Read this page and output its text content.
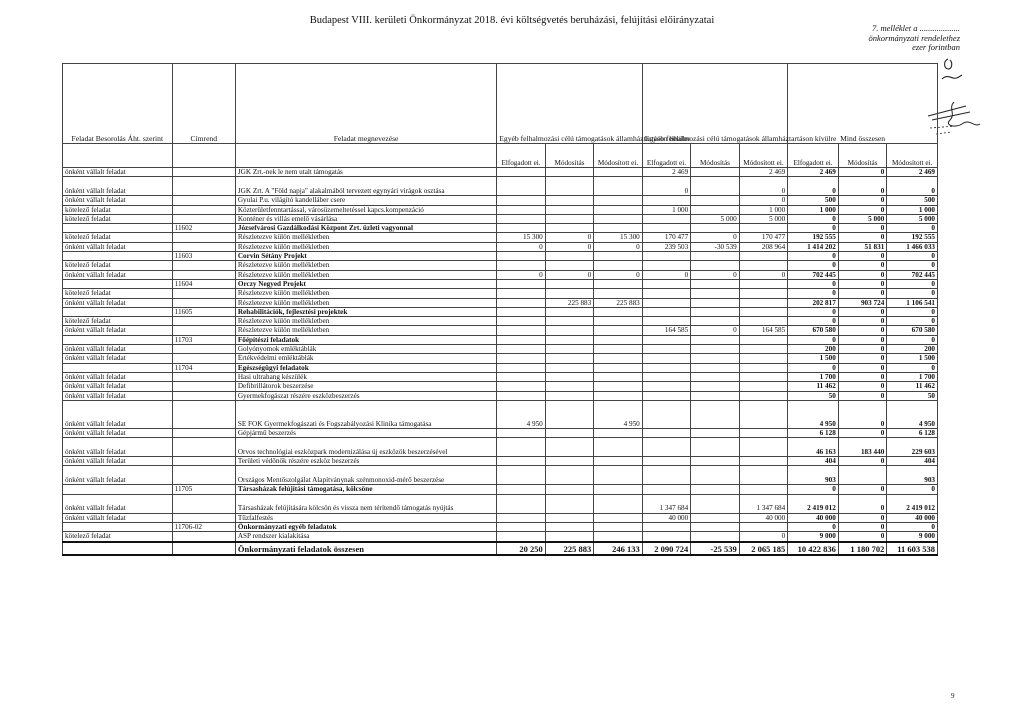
Budapest VIII. kerületi Önkormányzat 2018. évi költségvetés beruházási, felújítási előirányzatai
7. melléklet a ...................
önkormányzati rendelethez
ezer forintban
Feladat Besorolás Áht. szerint	Címrend	Feladat megnevezése	Egyéb felhalmozási célú támogatások államháztartáson belülre			Egyéb felhalmozási célú támogatások államháztartáson kívülre			Mind összesen		
			Elfogadott ei.	Módosítás	Módosított ei.	Elfogadott ei.	Módosítás	Módosított ei.	Elfogadott ei.	Módosítás	Módosított ei.
önként vállalt feladat		JGK Zrt.-nek le nem utalt támogatás				2 469		2 469	2 469	0	2 469
önként vállalt feladat		JGK Zrt. A "Föld napja" alakalmából tervezett egynyári virágok osztása				0		0	0	0	0
önként vállalt feladat		Gyulai P.u. világító kandelláber csere						0	500	0	500
kötelező feladat		Közterületfenntartással, városüzemeltetéssel kapcs.kompenzáció				1 000		1 000	1 000	0	1 000
kötelező feladat		Konténer és villás emelő vásárlása					5 000	5 000	0	5 000	5 000
	11602	Józsefvárosi Gazdálkodási Központ Zrt. üzleti vagyonnal							0	0	0
kötelező feladat		Részletezve külön mellékletben	15 300	0	15 300	170 477	0	170 477	192 555	0	192 555
önként vállalt feladat		Részletezve külön mellékletben	0	0	0	239 503	-30 539	208 964	1 414 202	51 831	1 466 033
	11603	Corvin Sétány Projekt							0	0	0
kötelező feladat		Részletezve külön mellékletben							0	0	0
önként vállalt feladat		Részletezve külön mellékletben	0	0	0	0	0	0	702 445	0	702 445
	11604	Orczy Negyed Projekt							0	0	0
kötelező feladat		Részletezve külön mellékletben							0	0	0
önként vállalt feladat		Részletezve külön mellékletben		225 883	225 883				202 817	903 724	1 106 541
	11605	Rehabilitációk, fejlesztési projektek							0	0	0
kötelező feladat		Részletezve külön mellékletben							0	0	0
önként vállalt feladat		Részletezve külön mellékletben				164 585	0	164 585	670 580	0	670 580
	11703	Főépítészi feladatok							0	0	0
önként vállalt feladat		Golyónyomok emléktáblák							200	0	200
önként vállalt feladat		Értékvédelmi emléktáblák							1 500	0	1 500
	11704	Egészségügyi feladatok							0	0	0
önként vállalt feladat		Hasi ultrahang készülék							1 700	0	1 700
önként vállalt feladat		Defibrillátorok beszerzése							11 462	0	11 462
önként vállalt feladat		Gyermekfogászat részére eszközbeszerzés							50	0	50
önként vállalt feladat		SE FOK Gyermekfogászati és Fogszabályozási Klinika támogatása	4 950		4 950				4 950	0	4 950
önként vállalt feladat		Gépjármű beszerzés							6 128	0	6 128
önként vállalt feladat		Orvos technológiai eszközpark modernizálása új eszközök beszerzésével							46 163	183 440	229 603
önként vállalt feladat		Területi védőnők részére eszköz beszerzés							404	0	404
önként vállalt feladat		Országos Mentőszolgálat Alapítványnak szénmonoxid-mérő beszerzése							903		903
	11705	Társasházak felújítási támogatása, kölcsöne							0	0	0
önként vállalt feladat		Társasházak felújítására kölcsön és vissza nem térítendő támogatás nyújtás				1 347 684		1 347 684	2 419 012	0	2 419 012
önként vállalt feladat		Tűzfalfestés				40 000		40 000	40 000	0	40 000
	11706-02	Önkormányzati egyéb feladatok							0	0	0
kötelező feladat		ASP rendszer kialakítása						0	9 000	0	9 000
		Önkormányzati feladatok összesen	20 250	225 883	246 133	2 090 724	-25 539	2 065 185	10 422 836	1 180 702	11 603 538
9
